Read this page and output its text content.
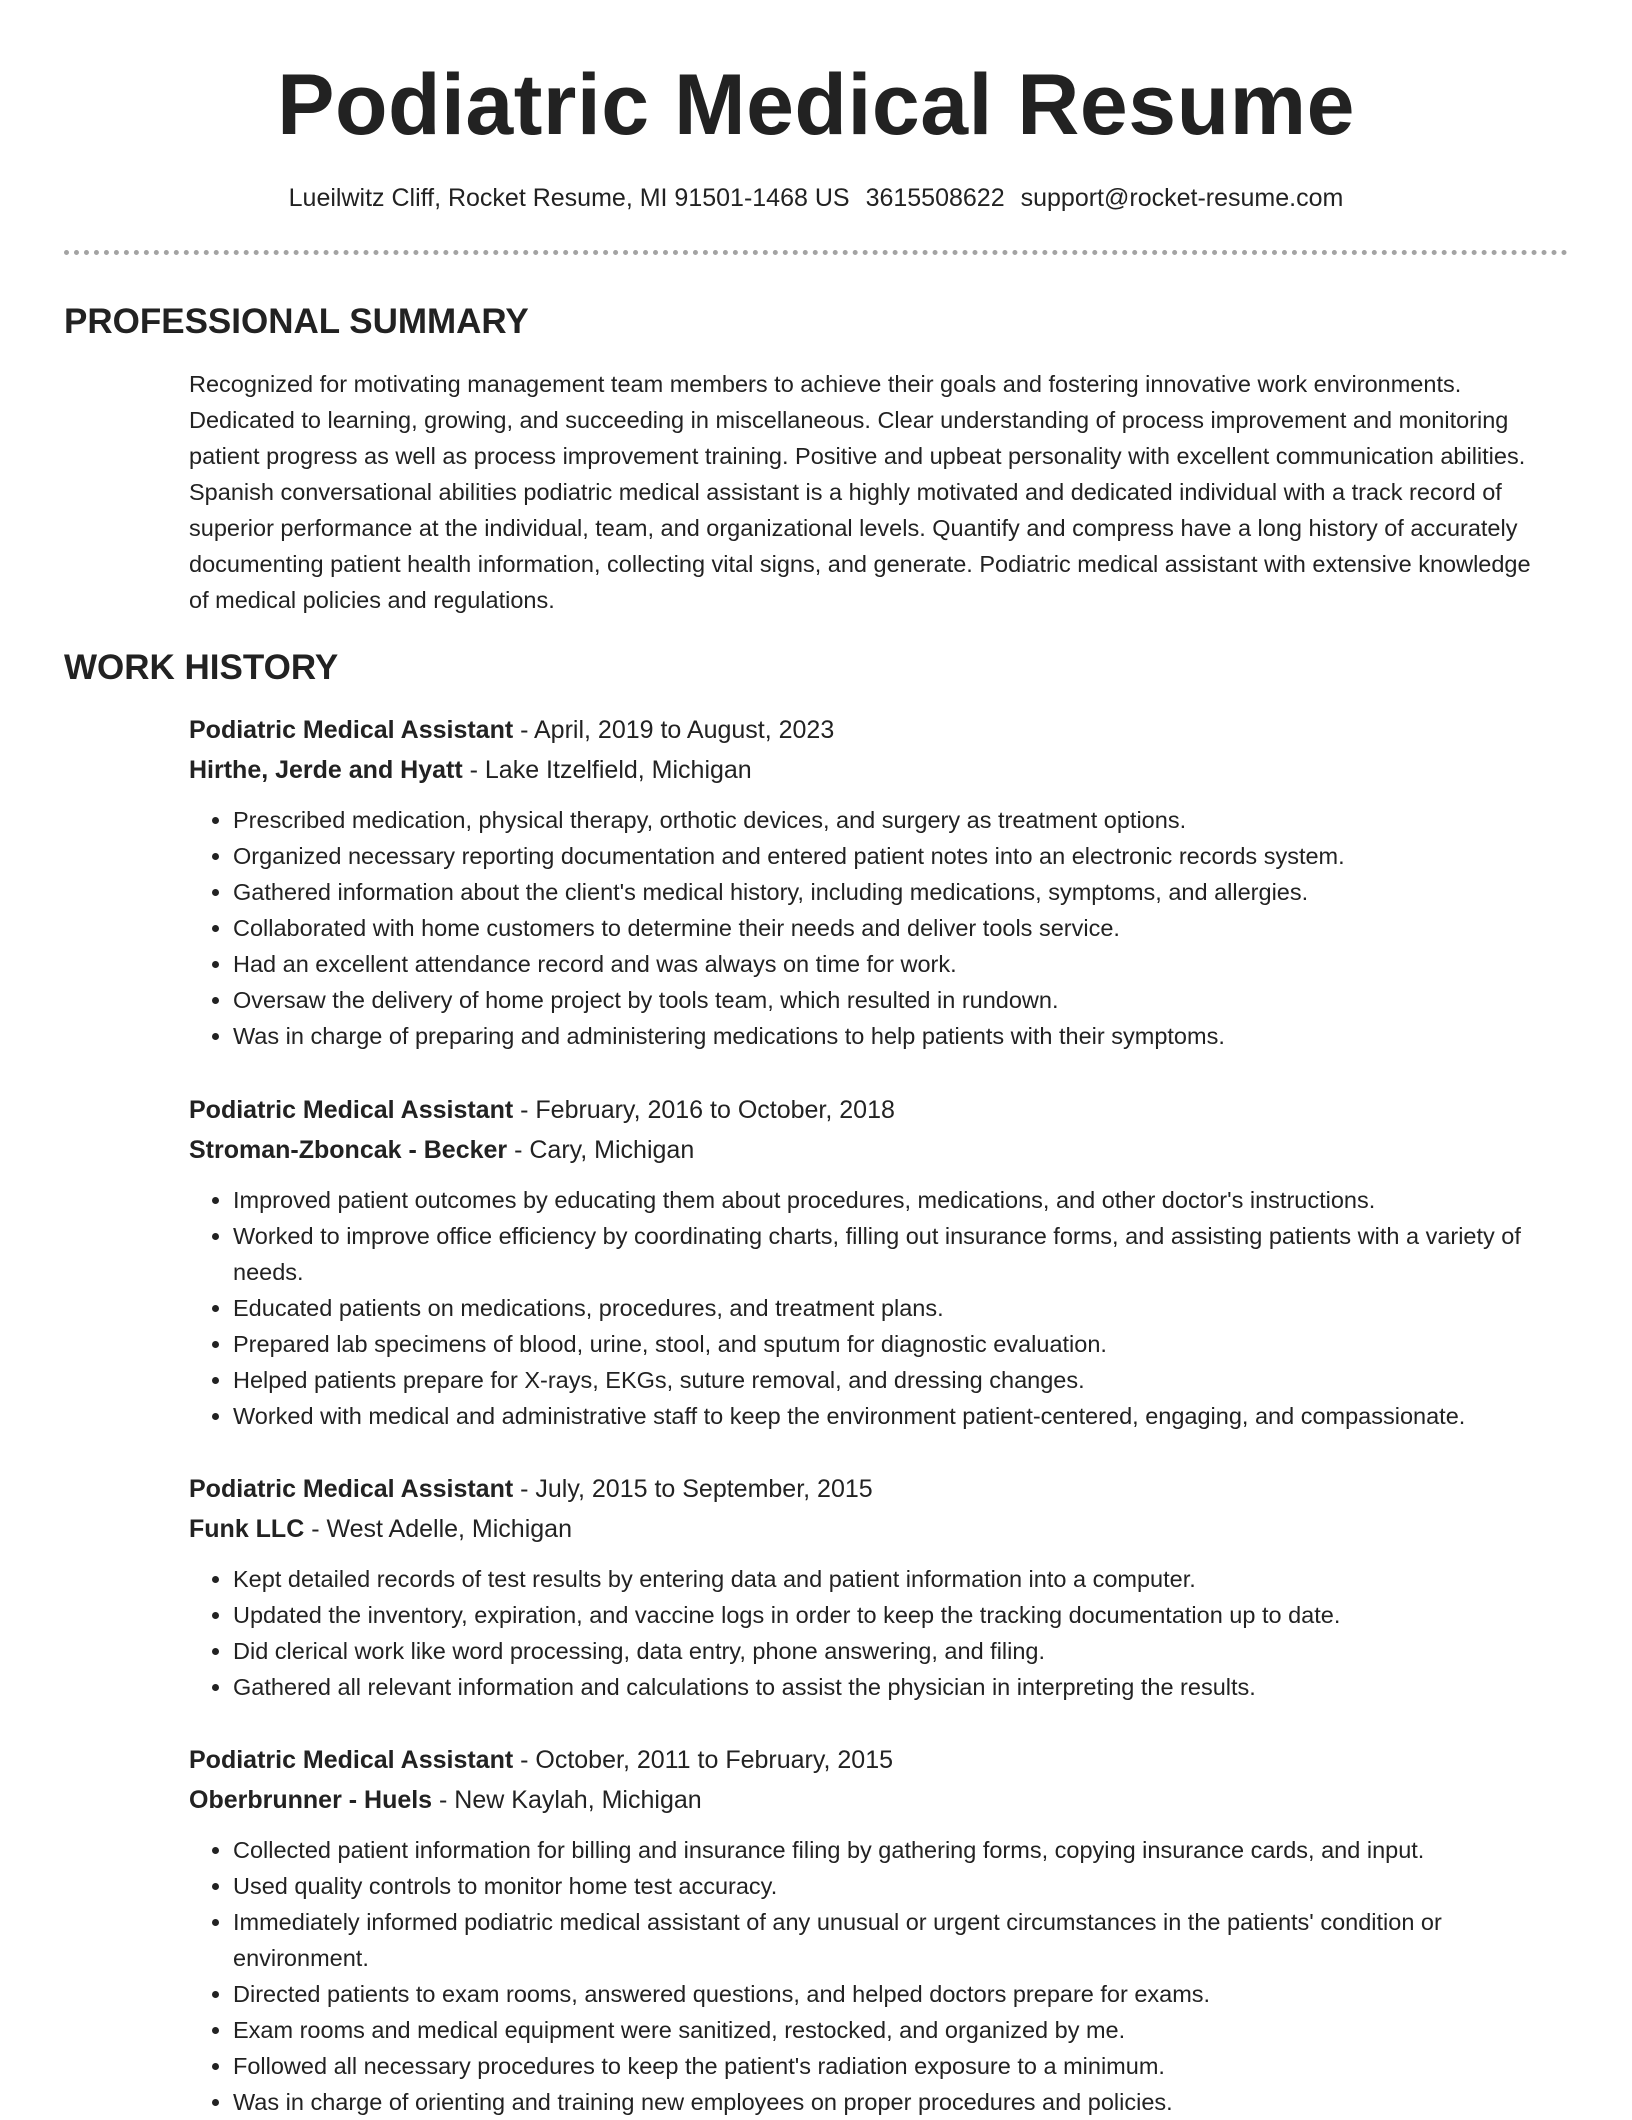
Podiatric Medical Resume
Lueilwitz Cliff, Rocket Resume, MI 91501-1468 US 3615508622 support@rocket-resume.com
PROFESSIONAL SUMMARY
Recognized for motivating management team members to achieve their goals and fostering innovative work environments. Dedicated to learning, growing, and succeeding in miscellaneous. Clear understanding of process improvement and monitoring patient progress as well as process improvement training. Positive and upbeat personality with excellent communication abilities. Spanish conversational abilities podiatric medical assistant is a highly motivated and dedicated individual with a track record of superior performance at the individual, team, and organizational levels. Quantify and compress have a long history of accurately documenting patient health information, collecting vital signs, and generate. Podiatric medical assistant with extensive knowledge of medical policies and regulations.
WORK HISTORY
Podiatric Medical Assistant - April, 2019 to August, 2023
Hirthe, Jerde and Hyatt - Lake Itzelfield, Michigan
• Prescribed medication, physical therapy, orthotic devices, and surgery as treatment options.
• Organized necessary reporting documentation and entered patient notes into an electronic records system.
• Gathered information about the client's medical history, including medications, symptoms, and allergies.
• Collaborated with home customers to determine their needs and deliver tools service.
• Had an excellent attendance record and was always on time for work.
• Oversaw the delivery of home project by tools team, which resulted in rundown.
• Was in charge of preparing and administering medications to help patients with their symptoms.
Podiatric Medical Assistant - February, 2016 to October, 2018
Stroman-Zboncak - Becker - Cary, Michigan
• Improved patient outcomes by educating them about procedures, medications, and other doctor's instructions.
• Worked to improve office efficiency by coordinating charts, filling out insurance forms, and assisting patients with a variety of needs.
• Educated patients on medications, procedures, and treatment plans.
• Prepared lab specimens of blood, urine, stool, and sputum for diagnostic evaluation.
• Helped patients prepare for X-rays, EKGs, suture removal, and dressing changes.
• Worked with medical and administrative staff to keep the environment patient-centered, engaging, and compassionate.
Podiatric Medical Assistant - July, 2015 to September, 2015
Funk LLC - West Adelle, Michigan
• Kept detailed records of test results by entering data and patient information into a computer.
• Updated the inventory, expiration, and vaccine logs in order to keep the tracking documentation up to date.
• Did clerical work like word processing, data entry, phone answering, and filing.
• Gathered all relevant information and calculations to assist the physician in interpreting the results.
Podiatric Medical Assistant - October, 2011 to February, 2015
Oberbrunner - Huels - New Kaylah, Michigan
• Collected patient information for billing and insurance filing by gathering forms, copying insurance cards, and input.
• Used quality controls to monitor home test accuracy.
• Immediately informed podiatric medical assistant of any unusual or urgent circumstances in the patients' condition or environment.
• Directed patients to exam rooms, answered questions, and helped doctors prepare for exams.
• Exam rooms and medical equipment were sanitized, restocked, and organized by me.
• Followed all necessary procedures to keep the patient's radiation exposure to a minimum.
• Was in charge of orienting and training new employees on proper procedures and policies.
